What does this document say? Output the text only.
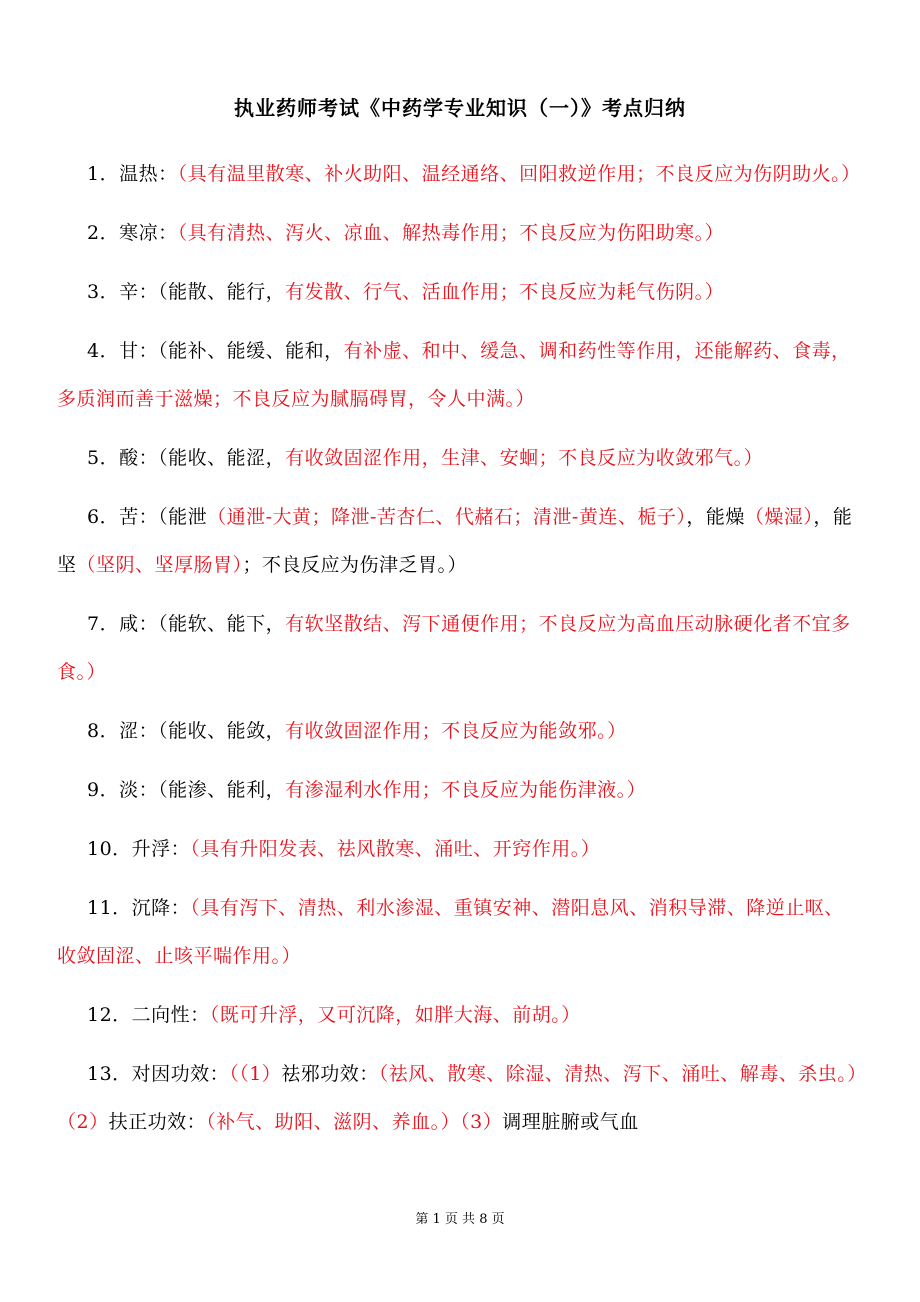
执业药师考试《中药学专业知识（一）》考点归纳
1．温热：（具有温里散寒、补火助阳、温经通络、回阳救逆作用；不良反应为伤阴助火。）
2．寒凉：（具有清热、泻火、凉血、解热毒作用；不良反应为伤阳助寒。）
3．辛：（能散、能行，有发散、行气、活血作用；不良反应为耗气伤阴。）
4．甘：（能补、能缓、能和，有补虚、和中、缓急、调和药性等作用，还能解药、食毒，多质润而善于滋燥；不良反应为腻膈碍胃，令人中满。）
5．酸：（能收、能涩，有收敛固涩作用，生津、安蛔；不良反应为收敛邪气。）
6．苦：（能泄（通泄-大黄；降泄-苦杏仁、代赭石；清泄-黄连、栀子），能燥（燥湿），能坚（坚阴、坚厚肠胃）；不良反应为伤津乏胃。）
7．咸：（能软、能下，有软坚散结、泻下通便作用；不良反应为高血压动脉硬化者不宜多食。）
8．涩：（能收、能敛，有收敛固涩作用；不良反应为能敛邪。）
9．淡：（能渗、能利，有渗湿利水作用；不良反应为能伤津液。）
10．升浮：（具有升阳发表、祛风散寒、涌吐、开窍作用。）
11．沉降：（具有泻下、清热、利水渗湿、重镇安神、潜阳息风、消积导滞、降逆止呕、收敛固涩、止咳平喘作用。）
12．二向性：（既可升浮，又可沉降，如胖大海、前胡。）
13．对因功效：（（1）祛邪功效：（祛风、散寒、除湿、清热、泻下、涌吐、解毒、杀虫。）（2）扶正功效：（补气、助阳、滋阴、养血。）（3）调理脏腑或气血
第 1 页 共 8 页
